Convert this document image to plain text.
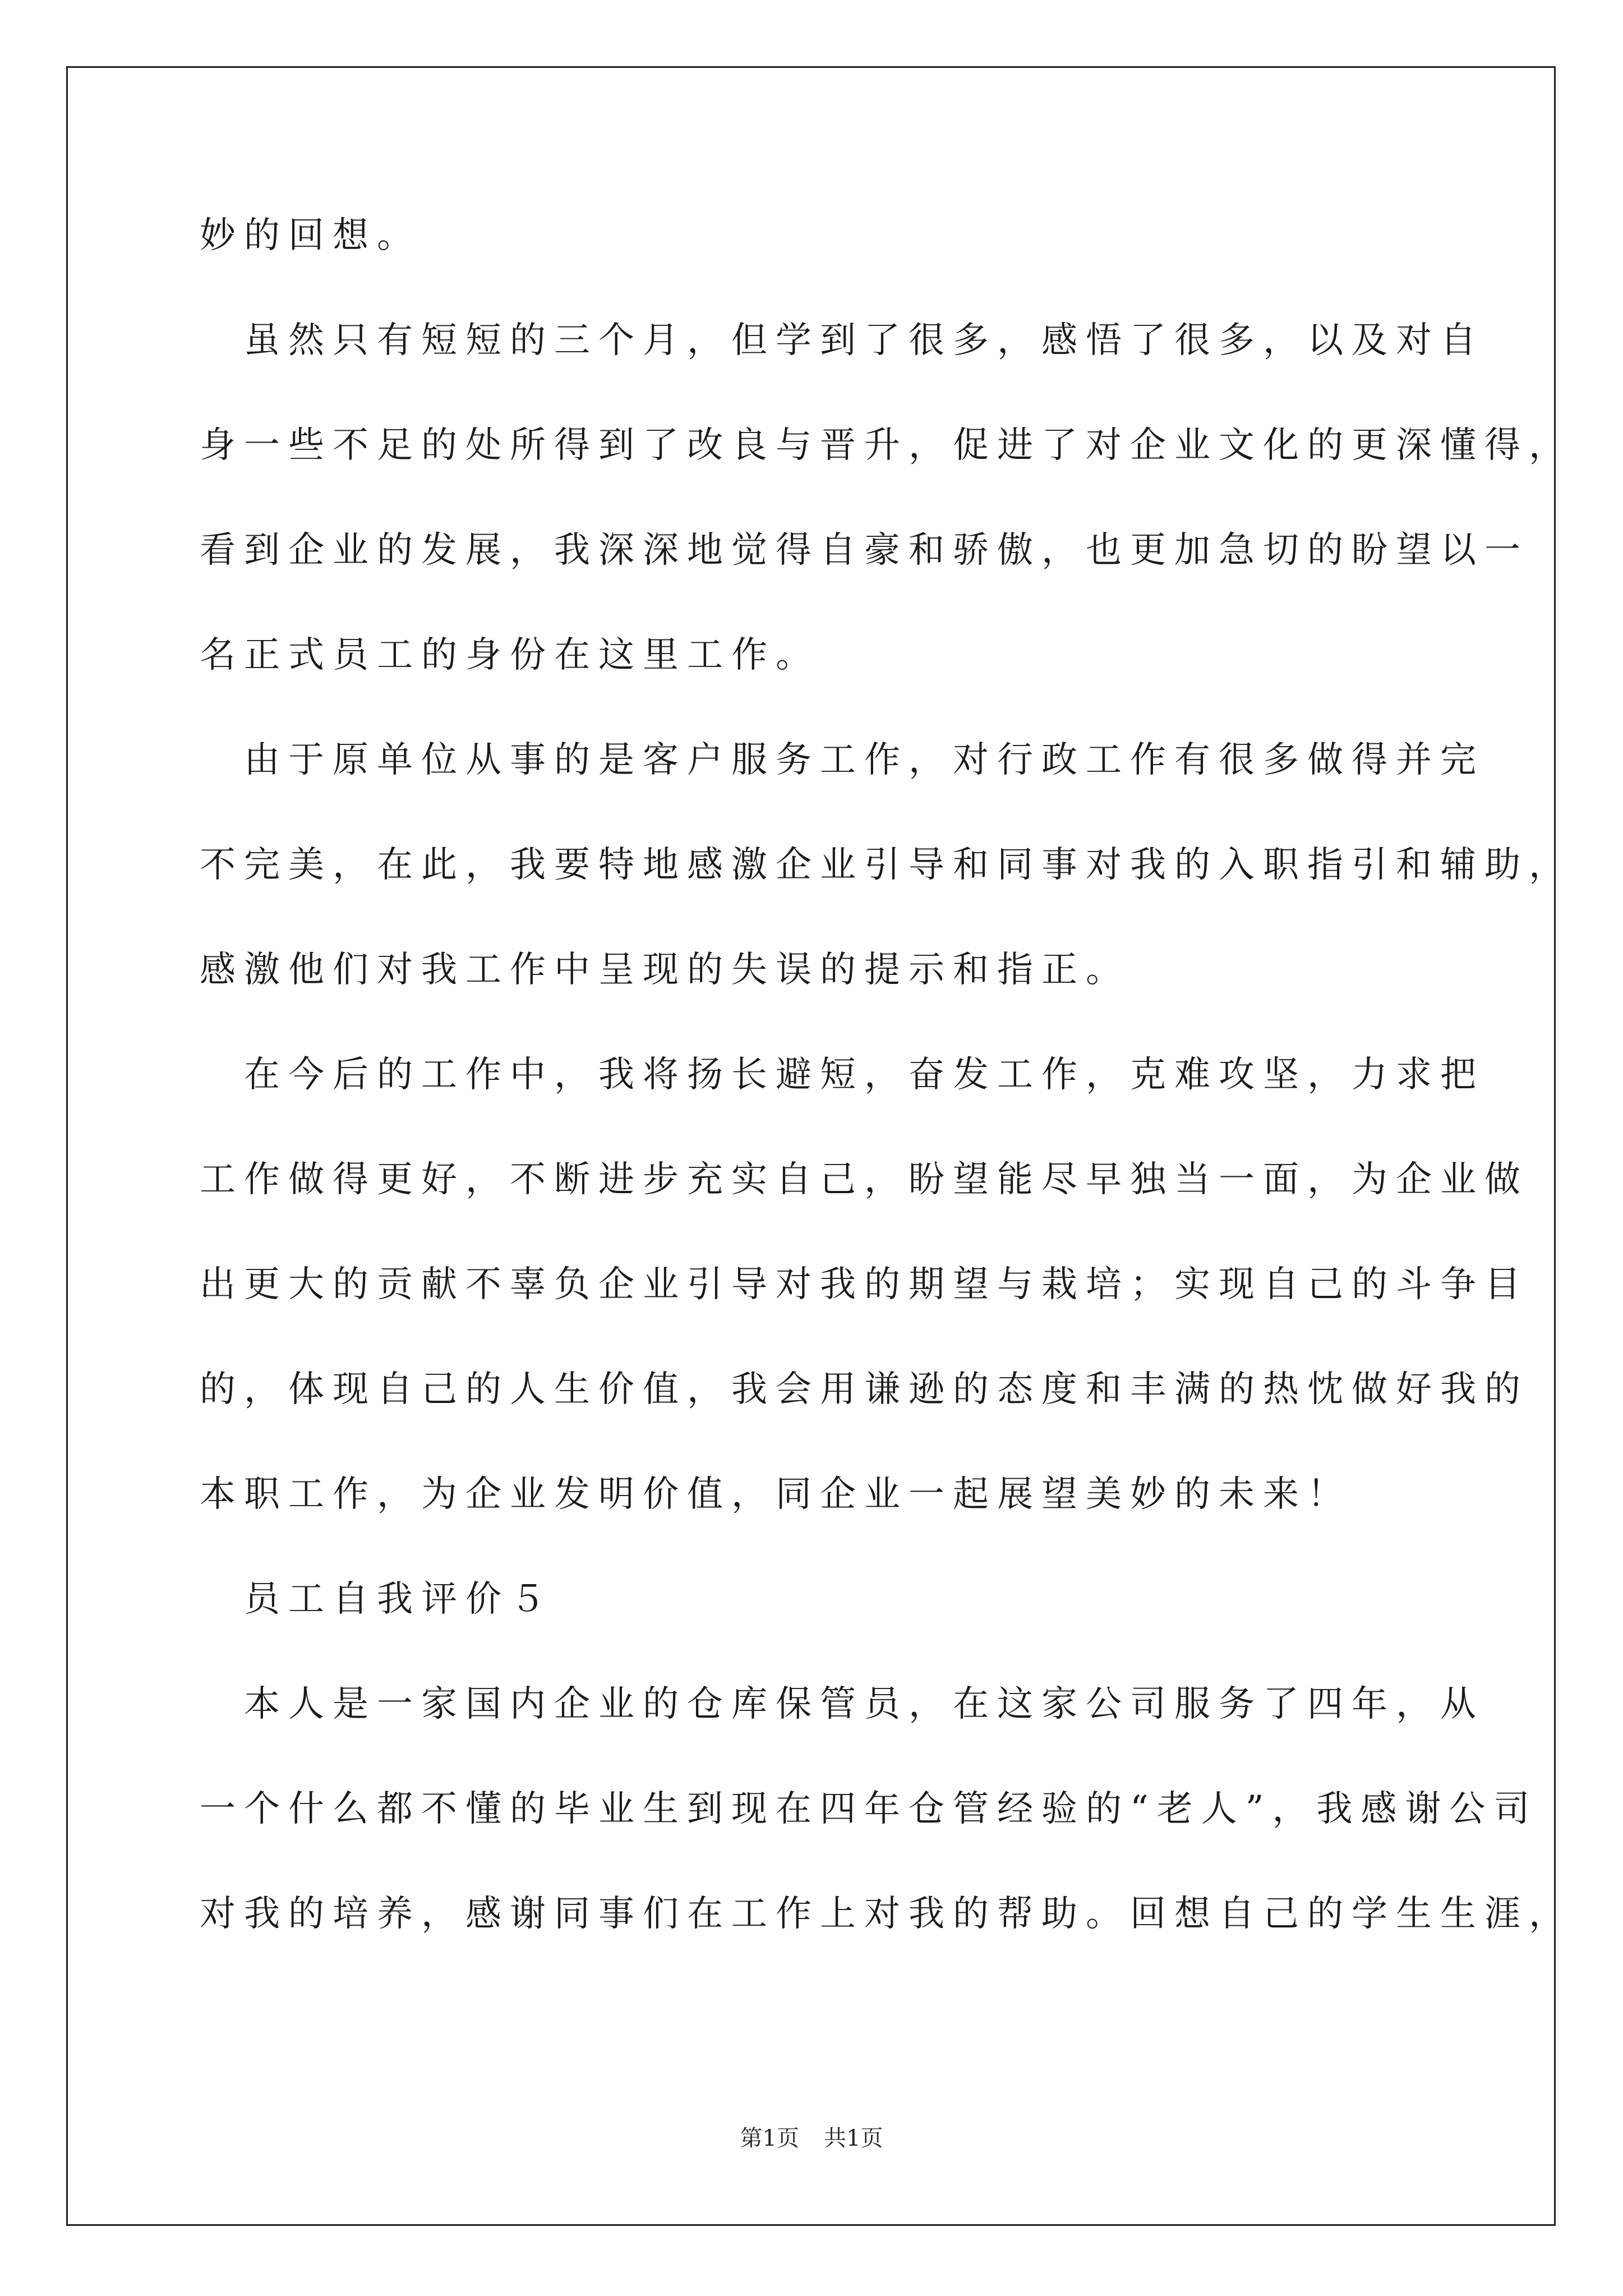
妙的回想。
　虽然只有短短的三个月，但学到了很多，感悟了很多，以及对自
身一些不足的处所得到了改良与晋升，促进了对企业文化的更深懂得，
看到企业的发展，我深深地觉得自豪和骄傲，也更加急切的盼望以一
名正式员工的身份在这里工作。
　由于原单位从事的是客户服务工作，对行政工作有很多做得并完
不完美，在此，我要特地感激企业引导和同事对我的入职指引和辅助，
感激他们对我工作中呈现的失误的提示和指正。
　在今后的工作中，我将扬长避短，奋发工作，克难攻坚，力求把
工作做得更好，不断进步充实自己，盼望能尽早独当一面，为企业做
出更大的贡献不辜负企业引导对我的期望与栽培；实现自己的斗争目
的，体现自己的人生价值，我会用谦逊的态度和丰满的热忱做好我的
本职工作，为企业发明价值，同企业一起展望美妙的未来！
　员工自我评价５
　本人是一家国内企业的仓库保管员，在这家公司服务了四年，从
一个什么都不懂的毕业生到现在四年仓管经验的“老人”，我感谢公司
对我的培养，感谢同事们在工作上对我的帮助。回想自己的学生生涯，
第1页 共1页
